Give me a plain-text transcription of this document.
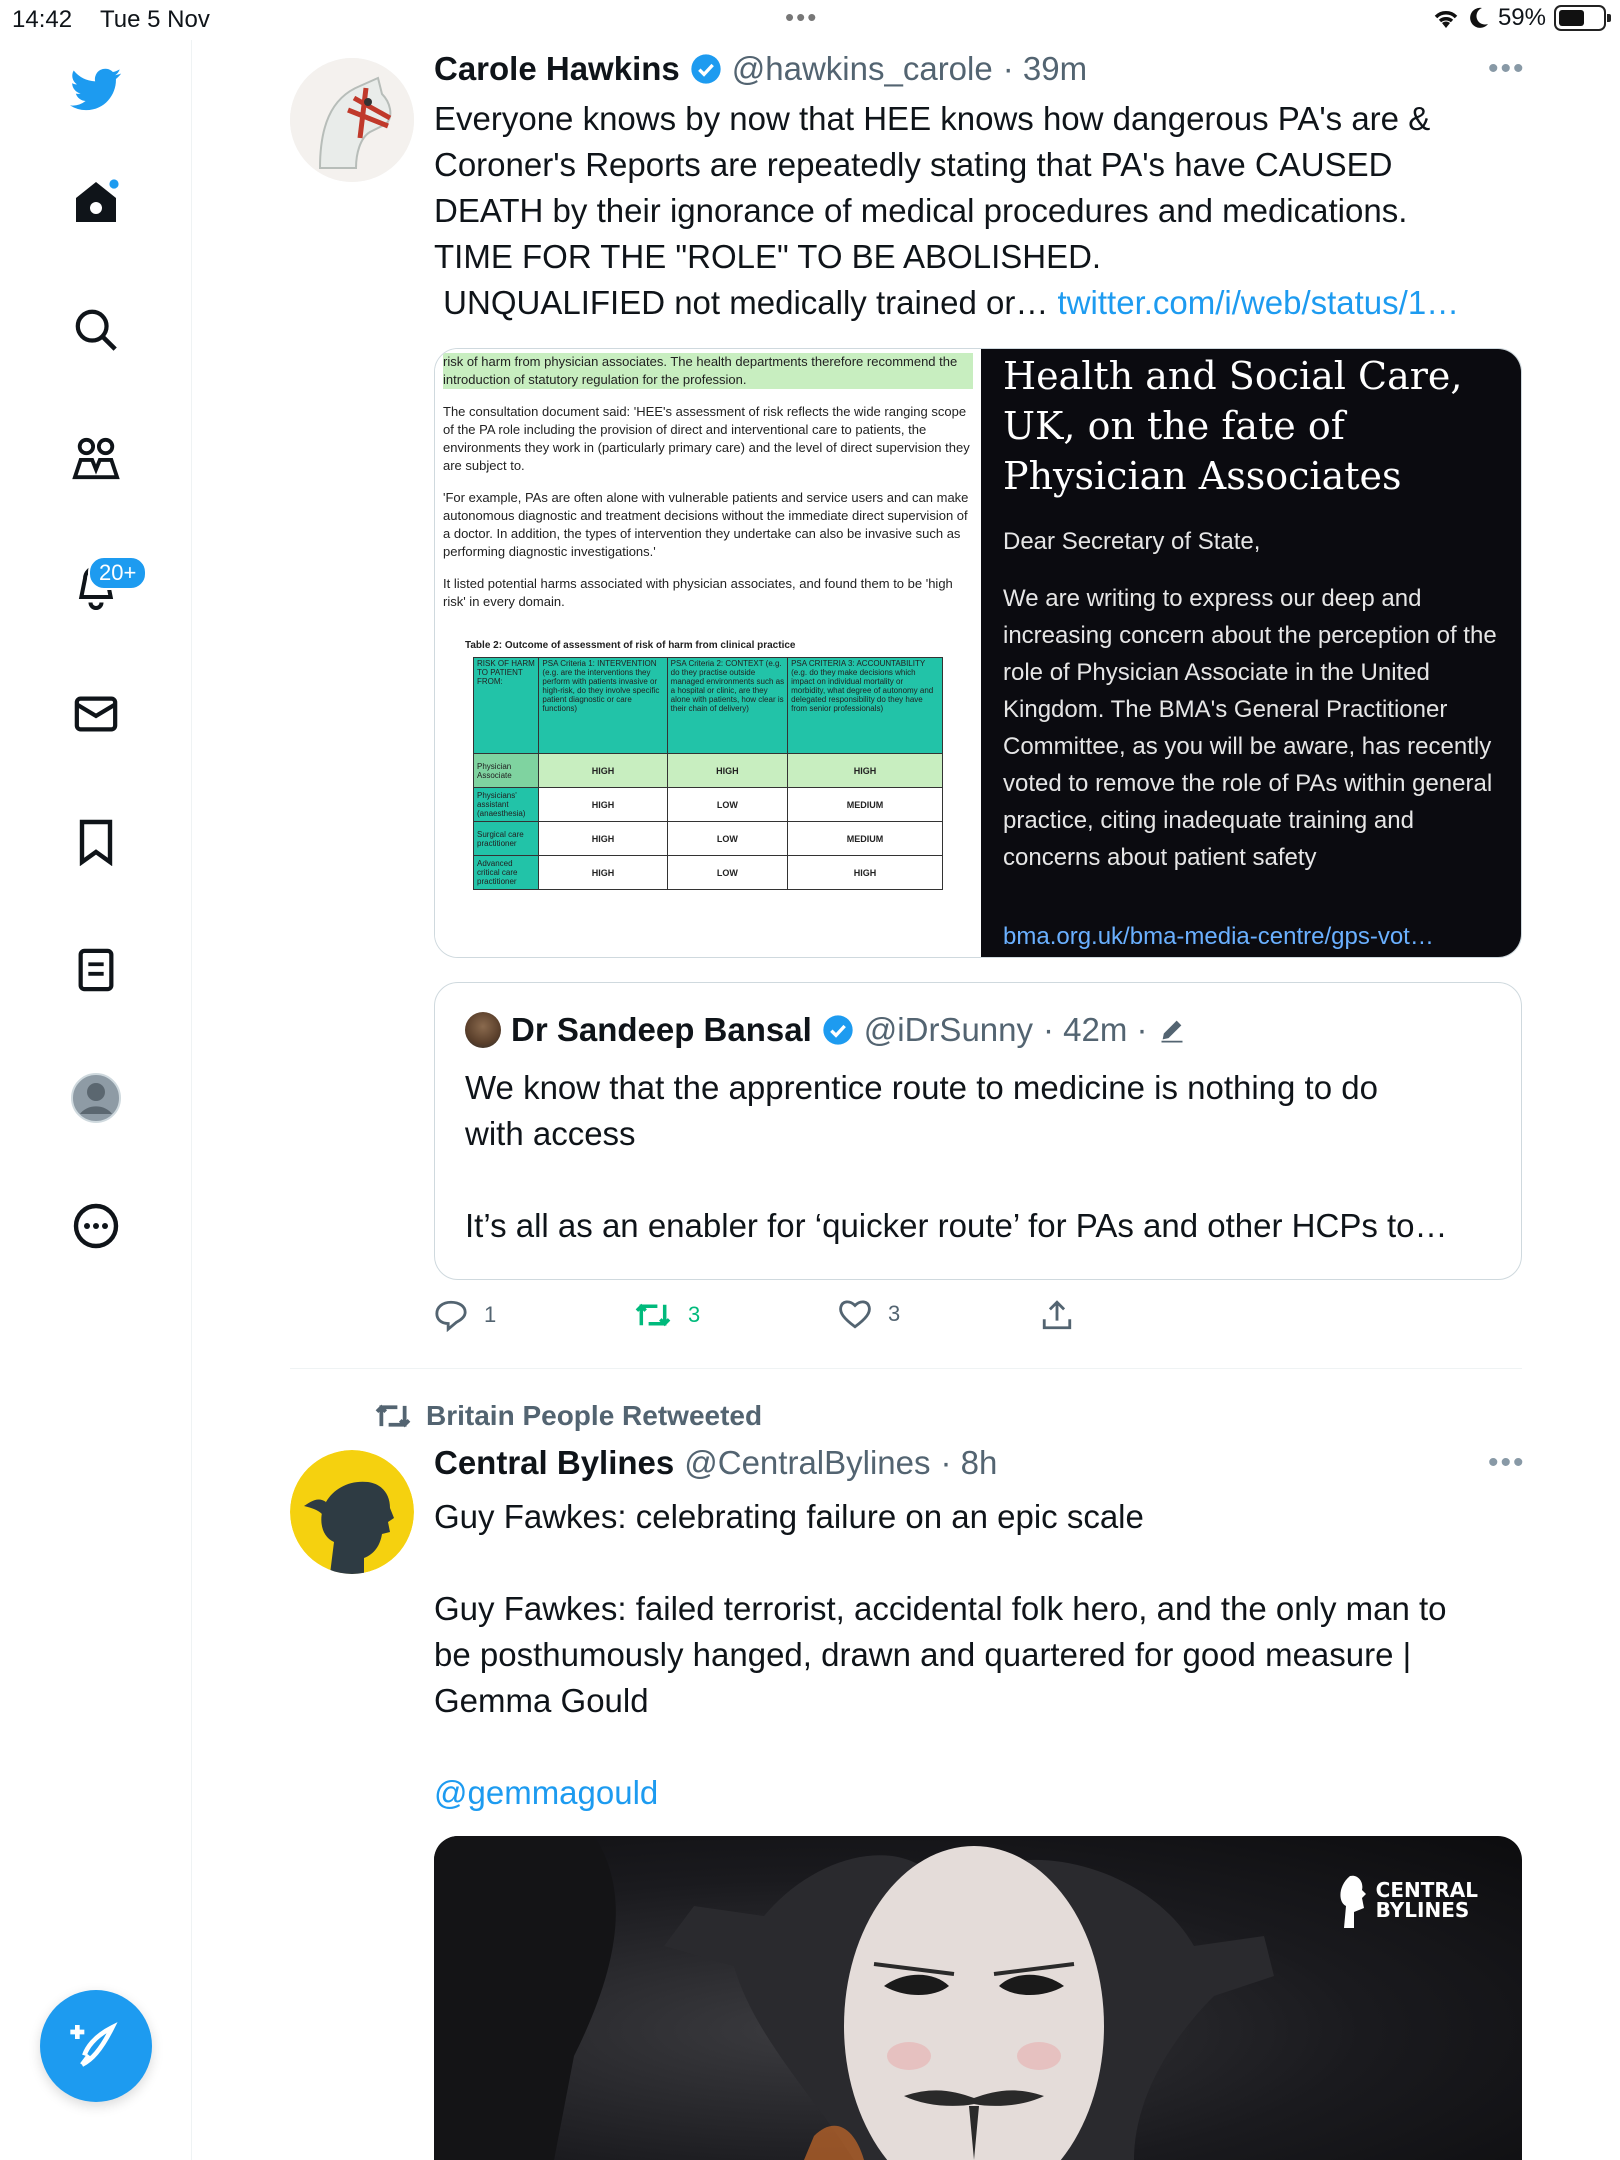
14:42 Tue 5 Nov	•••	59%
20+
Carole Hawkins @hawkins_carole · 39m	•••
Everyone knows by now that HEE knows how dangerous PA's are &
Coroner's Reports are repeatedly stating that PA's have CAUSED
DEATH by their ignorance of medical procedures and medications.
TIME FOR THE "ROLE" TO BE ABOLISHED.
UNQUALIFIED not medically trained or… twitter.com/i/web/status/1…

risk of harm from physician associates. The health departments therefore recommend the introduction of statutory regulation for the profession.

The consultation document said: 'HEE's assessment of risk reflects the wide ranging scope of the PA role including the provision of direct and interventional care to patients, the environments they work in (particularly primary care) and the level of direct supervision they are subject to.

'For example, PAs are often alone with vulnerable patients and service users and can make autonomous diagnostic and treatment decisions without the immediate direct supervision of a doctor. In addition, the types of intervention they undertake can also be invasive such as performing diagnostic investigations.'

It listed potential harms associated with physician associates, and found them to be 'high risk' in every domain.

Table 2: Outcome of assessment of risk of harm from clinical practice
RISK OF HARM TO PATIENT FROM:	PSA Criteria 1: INTERVENTION (e.g. are the interventions they perform with patients invasive or high-risk, do they involve specific patient diagnostic or care functions)	PSA Criteria 2: CONTEXT (e.g. do they practise outside managed environments such as a hospital or clinic, are they alone with patients, how clear is their chain of delivery)	PSA CRITERIA 3: ACCOUNTABILITY (e.g. do they make decisions which impact on individual mortality or morbidity, what degree of autonomy and delegated responsibility do they have from senior professionals)
Physician Associate	HIGH	HIGH	HIGH
Physicians' assistant (anaesthesia)	HIGH	LOW	MEDIUM
Surgical care practitioner	HIGH	LOW	MEDIUM
Advanced critical care practitioner	HIGH	LOW	HIGH
Health and Social Care, UK, on the fate of Physician Associates
Dear Secretary of State,
We are writing to express our deep and increasing concern about the perception of the role of Physician Associate in the United Kingdom. The BMA's General Practitioner Committee, as you will be aware, has recently voted to remove the role of PAs within general practice, citing inadequate training and concerns about patient safety
bma.org.uk/bma-media-centre/gps-vot…
Dr Sandeep Bansal @iDrSunny · 42m ·
We know that the apprentice route to medicine is nothing to do
with access
It’s all as an enabler for ‘quicker route’ for PAs and other HCPs to…
1	3	3
Britain People Retweeted
Central Bylines @CentralBylines · 8h	•••
Guy Fawkes: celebrating failure on an epic scale
Guy Fawkes: failed terrorist, accidental folk hero, and the only man to
be posthumously hanged, drawn and quartered for good measure |
Gemma Gould
@gemmagould
CENTRAL
BYLINES
